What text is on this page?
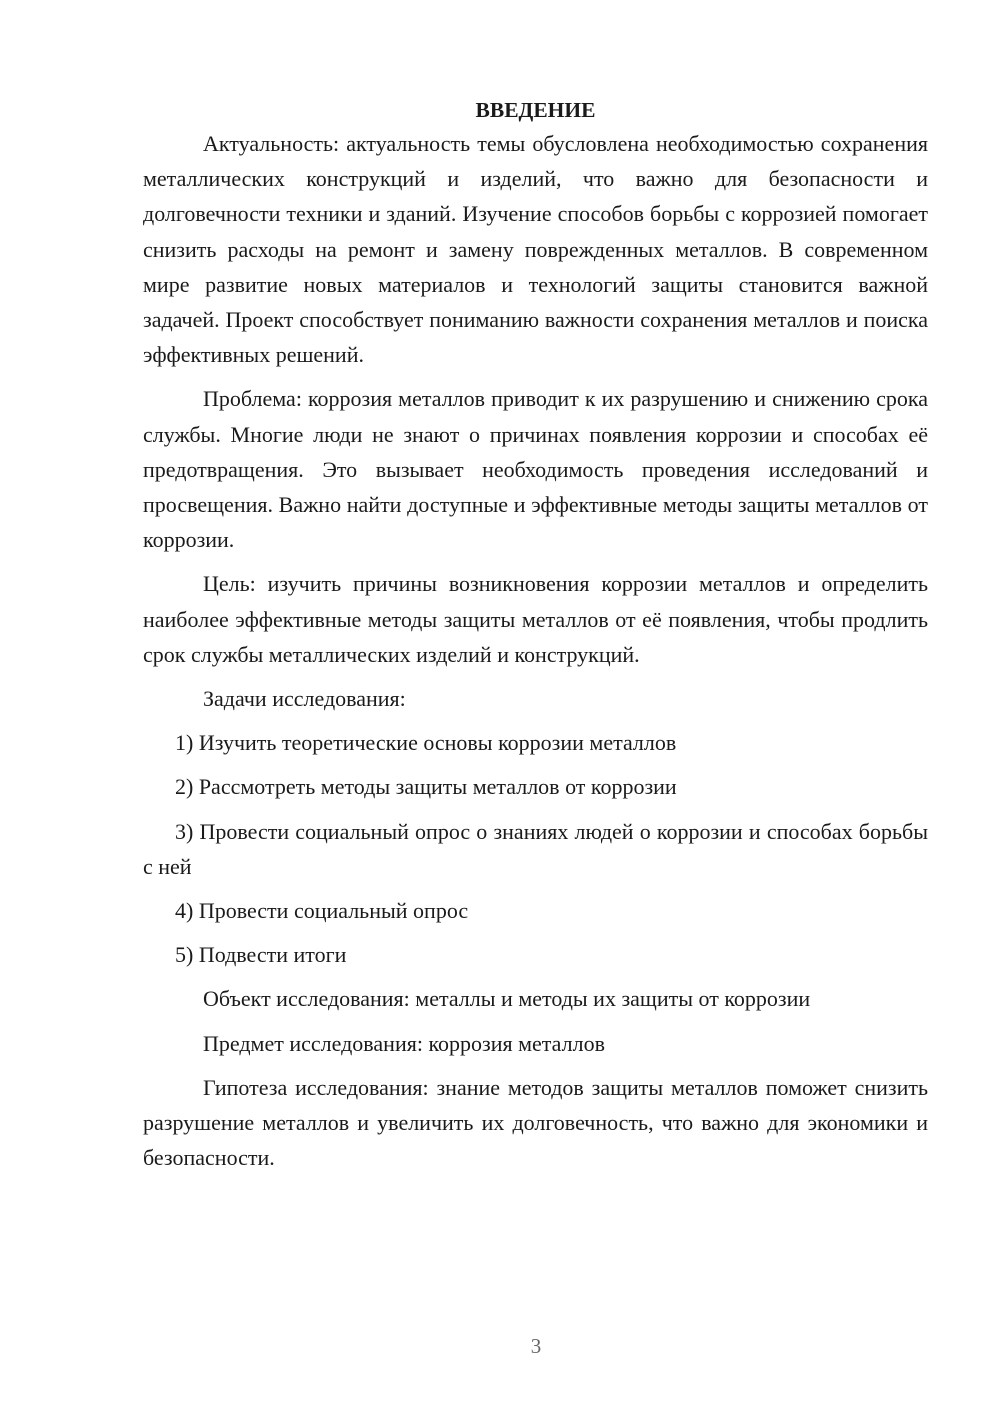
ВВЕДЕНИЕ

Актуальность: актуальность темы обусловлена необходимостью сохранения металлических конструкций и изделий, что важно для безопасности и долговечности техники и зданий. Изучение способов борьбы с коррозией помогает снизить расходы на ремонт и замену поврежденных металлов. В современном мире развитие новых материалов и технологий защиты становится важной задачей. Проект способствует пониманию важности сохранения металлов и поиска эффективных решений.

Проблема: коррозия металлов приводит к их разрушению и снижению срока службы. Многие люди не знают о причинах появления коррозии и способах её предотвращения. Это вызывает необходимость проведения исследований и просвещения. Важно найти доступные и эффективные методы защиты металлов от коррозии.

Цель: изучить причины возникновения коррозии металлов и определить наиболее эффективные методы защиты металлов от её появления, чтобы продлить срок службы металлических изделий и конструкций.

Задачи исследования:

1) Изучить теоретические основы коррозии металлов

2) Рассмотреть методы защиты металлов от коррозии

3) Провести социальный опрос о знаниях людей о коррозии и способах борьбы с ней

4) Провести социальный опрос

5) Подвести итоги

Объект исследования: металлы и методы их защиты от коррозии

Предмет исследования: коррозия металлов

Гипотеза исследования: знание методов защиты металлов поможет снизить разрушение металлов и увеличить их долговечность, что важно для экономики и безопасности.

3
